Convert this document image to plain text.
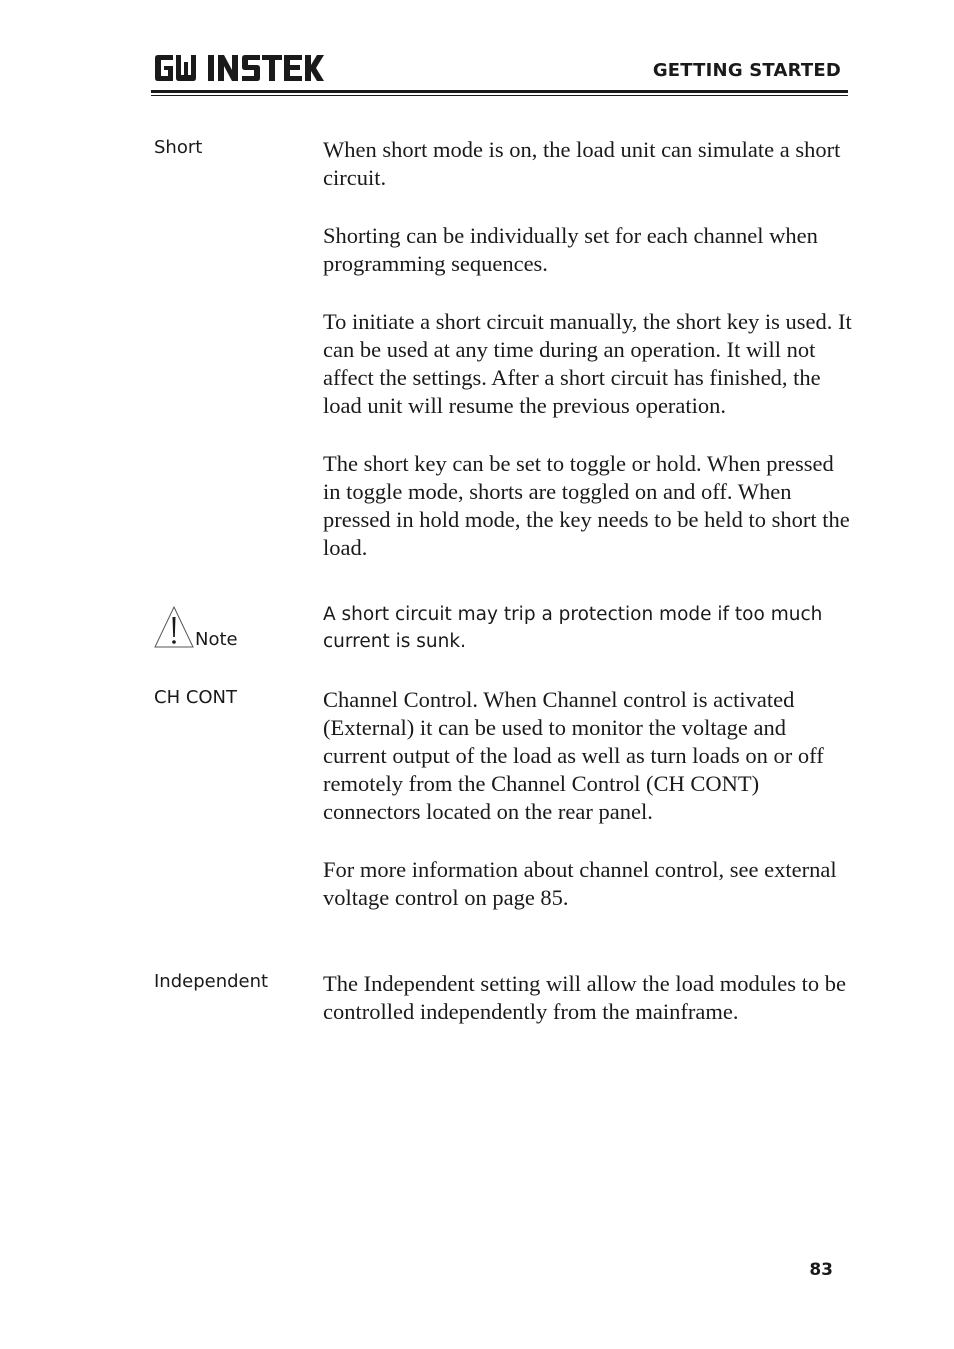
GETTING STARTED
Short	When short mode is on, the load unit can simulate a short circuit.

Shorting can be individually set for each channel when programming sequences.

To initiate a short circuit manually, the short key is used. It can be used at any time during an operation. It will not affect the settings. After a short circuit has finished, the load unit will resume the previous operation.

The short key can be set to toggle or hold. When pressed in toggle mode, shorts are toggled on and off. When pressed in hold mode, the key needs to be held to short the load.

Note
A short circuit may trip a protection mode if too much current is sunk.
CH CONT	Channel Control. When Channel control is activated (External) it can be used to monitor the voltage and current output of the load as well as turn loads on or off remotely from the Channel Control (CH CONT) connectors located on the rear panel.

For more information about channel control, see external voltage control on page 85.

Independent The Independent setting will allow the load modules to be controlled independently from the mainframe.

83
